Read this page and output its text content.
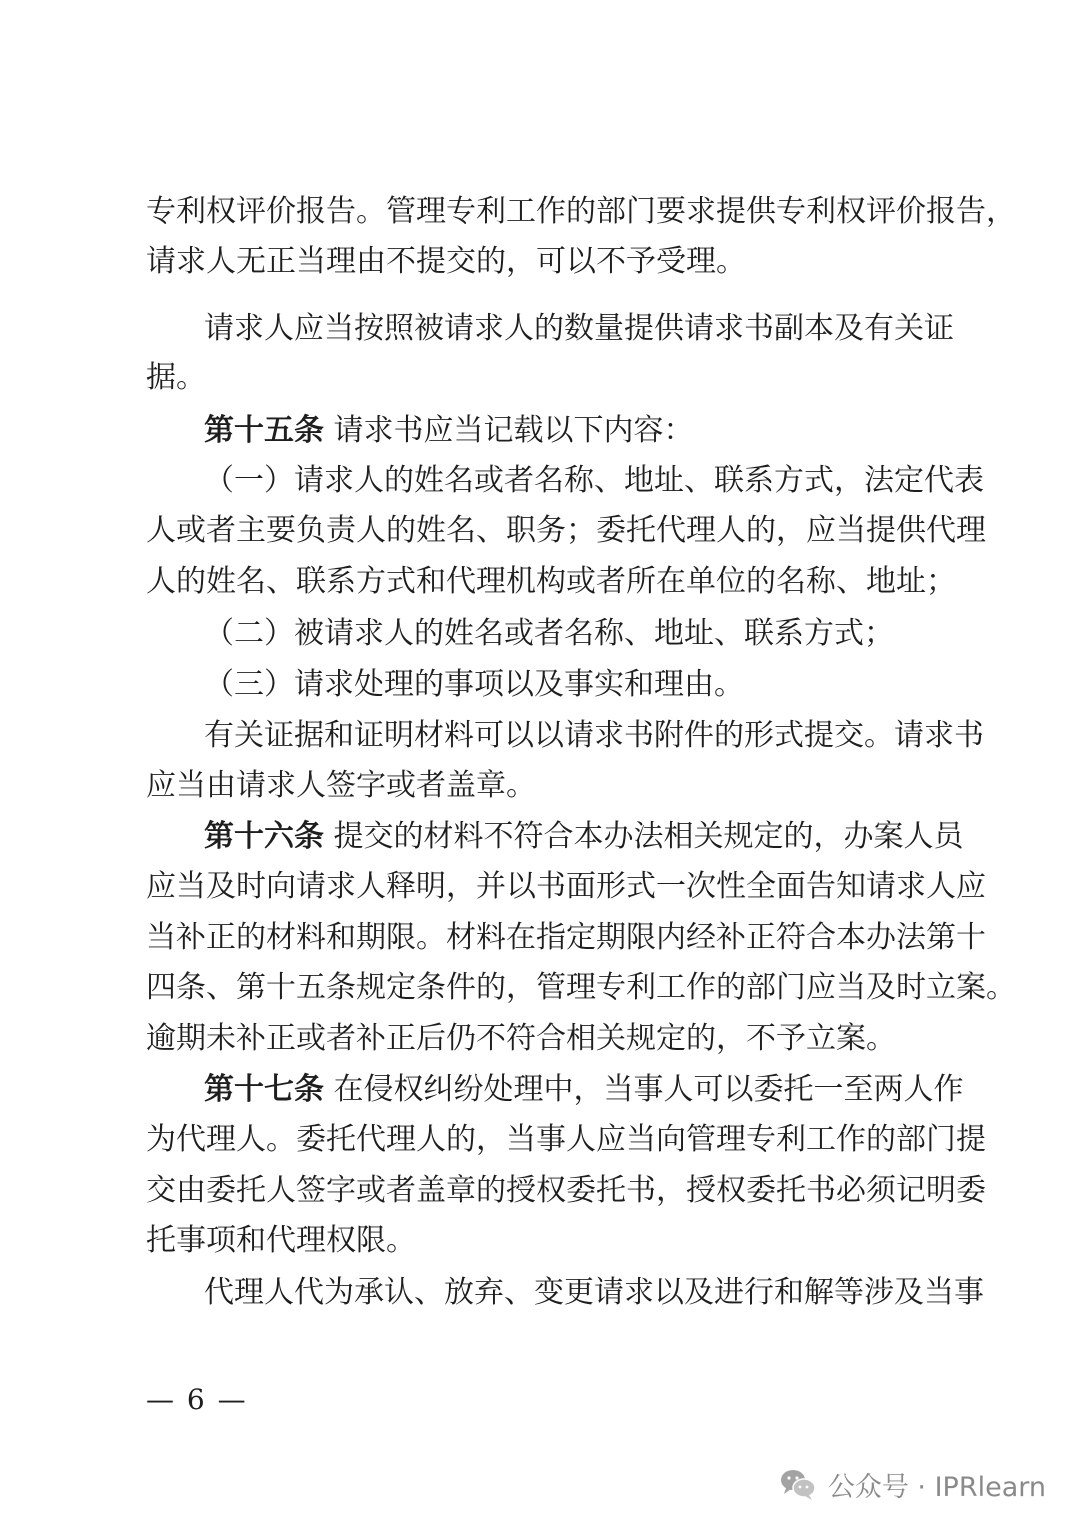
专利权评价报告。管理专利工作的部门要求提供专利权评价报告，
请求人无正当理由不提交的，可以不予受理。
请求人应当按照被请求人的数量提供请求书副本及有关证
据。
第十五条 请求书应当记载以下内容：
（一）请求人的姓名或者名称、地址、联系方式，法定代表
人或者主要负责人的姓名、职务；委托代理人的，应当提供代理
人的姓名、联系方式和代理机构或者所在单位的名称、地址；
（二）被请求人的姓名或者名称、地址、联系方式；
（三）请求处理的事项以及事实和理由。
有关证据和证明材料可以以请求书附件的形式提交。请求书
应当由请求人签字或者盖章。
第十六条 提交的材料不符合本办法相关规定的，办案人员
应当及时向请求人释明，并以书面形式一次性全面告知请求人应
当补正的材料和期限。材料在指定期限内经补正符合本办法第十
四条、第十五条规定条件的，管理专利工作的部门应当及时立案。
逾期未补正或者补正后仍不符合相关规定的，不予立案。
第十七条 在侵权纠纷处理中，当事人可以委托一至两人作
为代理人。委托代理人的，当事人应当向管理专利工作的部门提
交由委托人签字或者盖章的授权委托书，授权委托书必须记明委
托事项和代理权限。
代理人代为承认、放弃、变更请求以及进行和解等涉及当事
— 6 —
公众号 · IPRlearn
